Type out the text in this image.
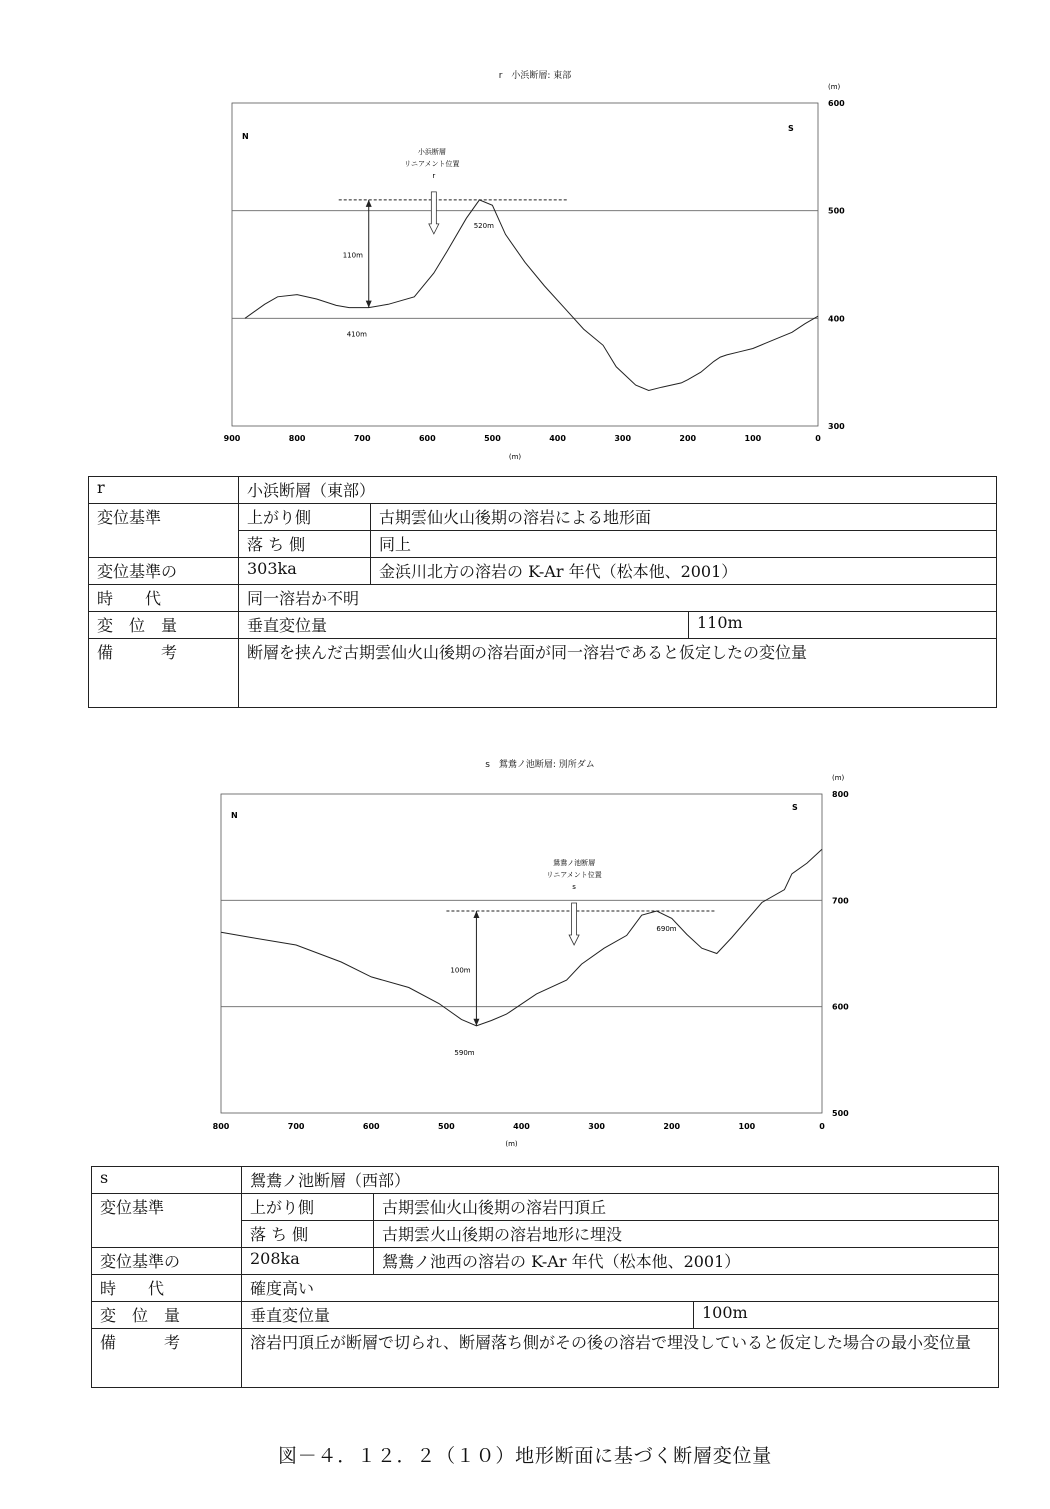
r　小浜断層: 東部
600
500
400
300
900	800	700	600	500	400	300	200	100	0
(m)
(m)
N
S
110m
小浜断層
リニアメント位置
r
520m
410m
r	小浜断層（東部）		
変位基準	上がり側	古期雲仙火山後期の溶岩による地形面	
	落 ち 側	同上	
変位基準の	303ka	金浜川北方の溶岩の K-Ar 年代（松本他、2001）	
時　　代	同一溶岩か不明		
変　位　量	垂直変位量		110m
備　　　考	断層を挟んだ古期雲仙火山後期の溶岩面が同一溶岩であると仮定したの変位量		
s　鴛鴦ノ池断層: 別所ダム
800
700
600
500
800	700	600	500	400	300	200	100	0
(m)
(m)
N
S
100m
鴛鴦ノ池断層
リニアメント位置
s
690m
590m
s	鴛鴦ノ池断層（西部）		
変位基準	上がり側	古期雲仙火山後期の溶岩円頂丘	
	落 ち 側	古期雲火山後期の溶岩地形に埋没	
変位基準の	208ka	鴛鴦ノ池西の溶岩の K-Ar 年代（松本他、2001）	
時　　代	確度高い		
変　位　量	垂直変位量		100m
備　　　考	溶岩円頂丘が断層で切られ、断層落ち側がその後の溶岩で埋没していると仮定した場合の最小変位量		
図－４．１２．２（１０）地形断面に基づく断層変位量
